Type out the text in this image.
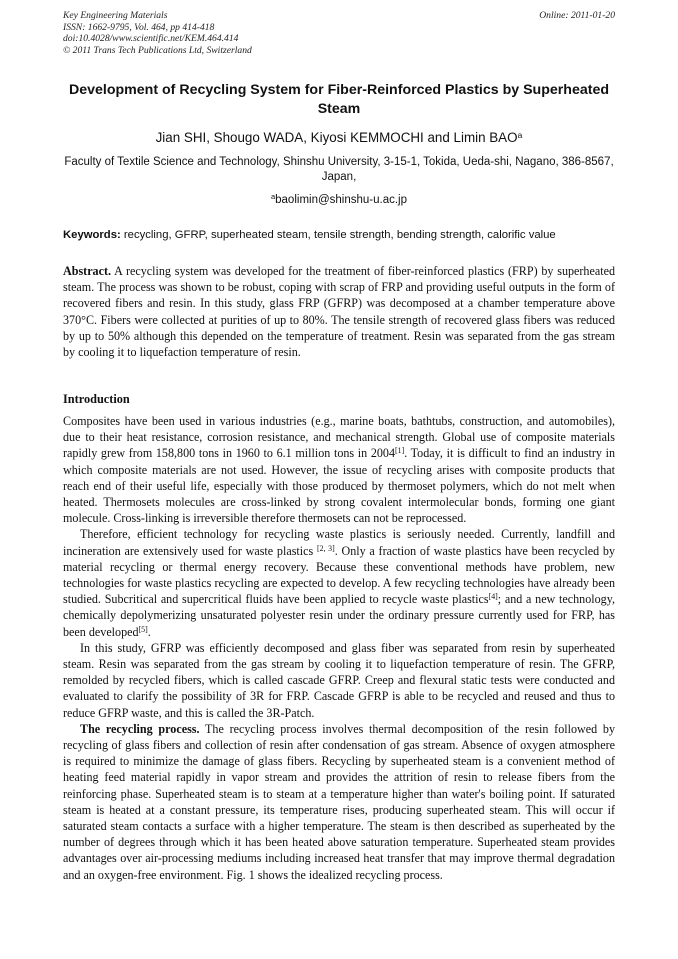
Key Engineering Materials
ISSN: 1662-9795, Vol. 464, pp 414-418
doi:10.4028/www.scientific.net/KEM.464.414
© 2011 Trans Tech Publications Ltd, Switzerland
Online: 2011-01-20
Development of Recycling System for Fiber-Reinforced Plastics by Superheated Steam
Jian SHI, Shougo WADA, Kiyosi KEMMOCHI and Limin BAO$^a$
Faculty of Textile Science and Technology, Shinshu University, 3-15-1, Tokida, Ueda-shi, Nagano, 386-8567, Japan,
$^a$baolimin@shinshu-u.ac.jp
Keywords: recycling, GFRP, superheated steam, tensile strength, bending strength, calorific value

Abstract. A recycling system was developed for the treatment of fiber-reinforced plastics (FRP) by superheated steam. The process was shown to be robust, coping with scrap of FRP and providing useful outputs in the form of recovered fibers and resin. In this study, glass FRP (GFRP) was decomposed at a chamber temperature above 370°C. Fibers were collected at purities of up to 80%. The tensile strength of recovered glass fibers was reduced by up to 50% although this depended on the temperature of treatment. Resin was separated from the gas stream by cooling it to liquefaction temperature of resin.

Introduction

Composites have been used in various industries (e.g., marine boats, bathtubs, construction, and automobiles), due to their heat resistance, corrosion resistance, and mechanical strength. Global use of composite materials rapidly grew from 158,800 tons in 1960 to 6.1 million tons in 2004[1]. Today, it is difficult to find an industry in which composite materials are not used. However, the issue of recycling arises with composite products that reach end of their useful life, especially with those produced by thermoset polymers, which do not melt when heated. Thermosets molecules are cross-linked by strong covalent intermolecular bonds, forming one giant molecule. Cross-linking is irreversible therefore thermosets can not be reprocessed.

Therefore, efficient technology for recycling waste plastics is seriously needed. Currently, landfill and incineration are extensively used for waste plastics [2, 3]. Only a fraction of waste plastics have been recycled by material recycling or thermal energy recovery. Because these conventional methods have problem, new technologies for waste plastics recycling are expected to develop. A few recycling technologies have already been studied. Subcritical and supercritical fluids have been applied to recycle waste plastics[4]; and a new technology, chemically depolymerizing unsaturated polyester resin under the ordinary pressure currently used for FRP, has been developed[5].

In this study, GFRP was efficiently decomposed and glass fiber was separated from resin by superheated steam. Resin was separated from the gas stream by cooling it to liquefaction temperature of resin. The GFRP, remolded by recycled fibers, which is called cascade GFRP. Creep and flexural static tests were conducted and evaluated to clarify the possibility of 3R for FRP. Cascade GFRP is able to be recycled and reused and thus to reduce GFRP waste, and this is called the 3R-Patch.

The recycling process. The recycling process involves thermal decomposition of the resin followed by recycling of glass fibers and collection of resin after condensation of gas stream. Absence of oxygen atmosphere is required to minimize the damage of glass fibers. Recycling by superheated steam is a convenient method of heating feed material rapidly in vapor stream and provides the attrition of resin to release fibers from the reinforcing phase. Superheated steam is to steam at a temperature higher than water's boiling point. If saturated steam is heated at a constant pressure, its temperature rises, producing superheated steam. This will occur if saturated steam contacts a surface with a higher temperature. The steam is then described as superheated by the number of degrees through which it has been heated above saturation temperature. Superheated steam provides advantages over air-processing mediums including increased heat transfer that may improve thermal degradation and an oxygen-free environment. Fig. 1 shows the idealized recycling process.
